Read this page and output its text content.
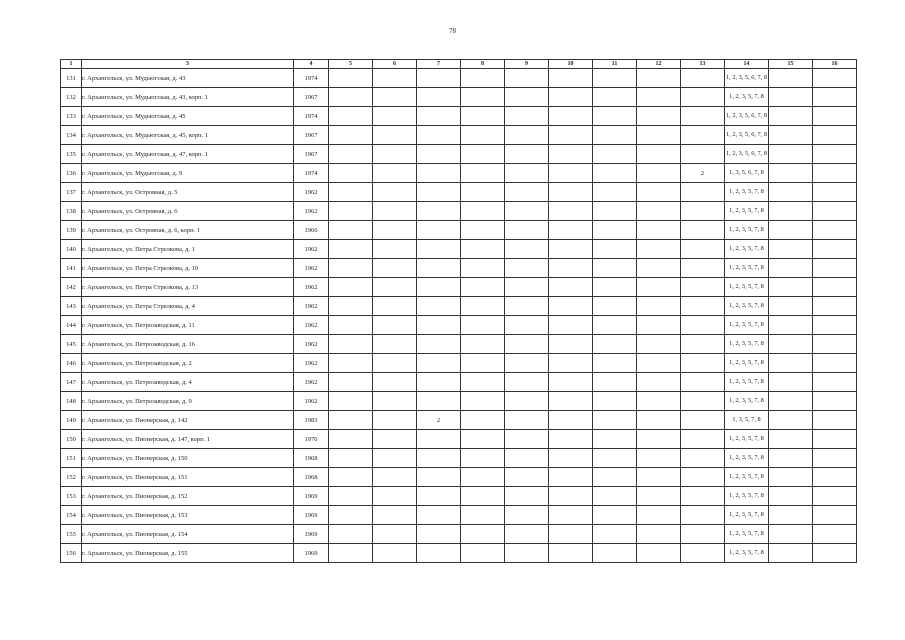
78
1	3	4	5	6	7	8	9	10	11	12	13	14	15	16
131	г. Архангельск, ул. Мудьюгская, д. 43	1974										1, 2, 3, 5, 6, 7, 8		
132	г. Архангельск, ул. Мудьюгская, д. 43, корп. 1	1967										1, 2, 3, 5, 7, 8		
133	г. Архангельск, ул. Мудьюгская, д. 45	1974										1, 2, 3, 5, 6, 7, 8		
134	г. Архангельск, ул. Мудьюгская, д. 45, корп. 1	1967										1, 2, 3, 5, 6, 7, 8		
135	г. Архангельск, ул. Мудьюгская, д. 47, корп. 1	1967										1, 2, 3, 5, 6, 7, 8		
136	г. Архангельск, ул. Мудьюгская, д. 9	1974									2	1, 3, 5, 6, 7, 8		
137	г. Архангельск, ул. Островная, д. 5	1962										1, 2, 3, 5, 7, 8		
138	г. Архангельск, ул. Островная, д. 6	1962										1, 2, 3, 5, 7, 8		
139	г. Архангельск, ул. Островная, д. 6, корп. 1	1966										1, 2, 3, 5, 7, 8		
140	г. Архангельск, ул. Петра Стрелкова, д. 1	1962										1, 2, 3, 5, 7, 8		
141	г. Архангельск, ул. Петра Стрелкова, д. 10	1962										1, 2, 3, 5, 7, 8		
142	г. Архангельск, ул. Петра Стрелкова, д. 13	1962										1, 2, 3, 5, 7, 8		
143	г. Архангельск, ул. Петра Стрелкова, д. 4	1962										1, 2, 3, 5, 7, 8		
144	г. Архангельск, ул. Петрозаводская, д. 11	1962										1, 2, 3, 5, 7, 8		
145	г. Архангельск, ул. Петрозаводская, д. 16	1962										1, 2, 3, 5, 7, 8		
146	г. Архангельск, ул. Петрозаводская, д. 2	1962										1, 2, 3, 5, 7, 8		
147	г. Архангельск, ул. Петрозаводская, д. 4	1962										1, 2, 3, 5, 7, 8		
148	г. Архангельск, ул. Петрозаводская, д. 9	1962										1, 2, 3, 5, 7, 8		
149	г. Архангельск, ул. Пионерская, д. 142	1983			2							1, 3, 5, 7, 8		
150	г. Архангельск, ул. Пионерская, д. 147, корп. 1	1970										1, 2, 3, 5, 7, 8		
151	г. Архангельск, ул. Пионерская, д. 150	1968										1, 2, 3, 5, 7, 8		
152	г. Архангельск, ул. Пионерская, д. 151	1968										1, 2, 3, 5, 7, 8		
153	г. Архангельск, ул. Пионерская, д. 152	1969										1, 2, 3, 5, 7, 8		
154	г. Архангельск, ул. Пионерская, д. 153	1969										1, 2, 3, 5, 7, 8		
155	г. Архангельск, ул. Пионерская, д. 154	1969										1, 2, 3, 5, 7, 8		
156	г. Архангельск, ул. Пионерская, д. 155	1969										1, 2, 3, 5, 7, 8		
